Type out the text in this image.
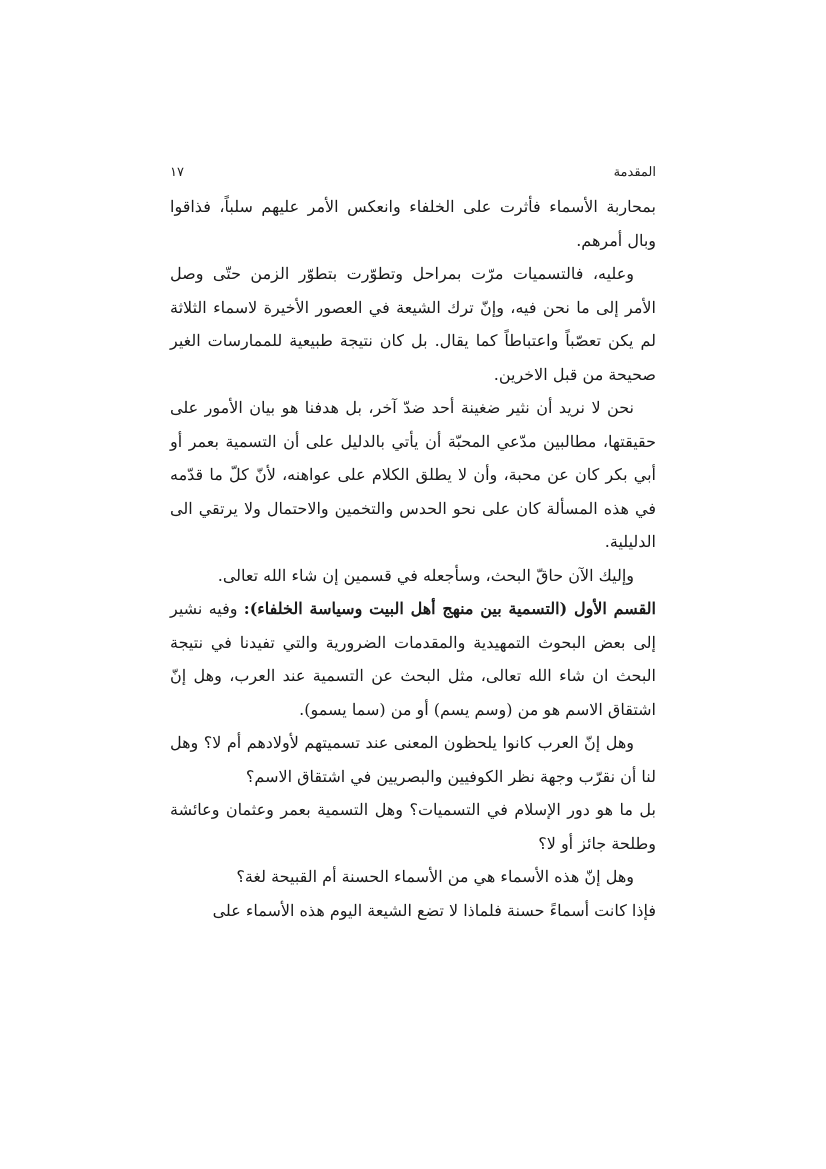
المقدمة
١٧

بمحاربة الأسماء فأثرت على الخلفاء وانعكس الأمر عليهم سلباً، فذاقوا وبال أمرهم.

وعليه، فالتسميات مرّت بمراحل وتطوّرت بتطوّر الزمن حتّى وصل الأمر إلى ما نحن فيه، وإنّ ترك الشيعة في العصور الأخيرة لاسماء الثلاثة لم يكن تعصّباً واعتباطاً كما يقال. بل كان نتيجة طبيعية للممارسات الغير صحيحة من قبل الاخرين.

نحن لا نريد أن نثير ضغينة أحد ضدّ آخر، بل هدفنا هو بيان الأمور على حقيقتها، مطالبين مدّعي المحبّة أن يأتي بالدليل على أن التسمية بعمر أو أبي بكر كان عن محبة، وأن لا يطلق الكلام على عواهنه، لأنّ كلّ ما قدّمه في هذه المسألة كان على نحو الحدس والتخمين والاحتمال ولا يرتقي الى الدليلية.

وإليك الآن حاقّ البحث، وسأجعله في قسمين إن شاء الله تعالى.

القسم الأول (التسمية بين منهج أهل البيت وسياسة الخلفاء): وفيه نشير إلى بعض البحوث التمهيدية والمقدمات الضرورية والتي تفيدنا في نتيجة البحث ان شاء الله تعالى، مثل البحث عن التسمية عند العرب، وهل إنّ اشتقاق الاسم هو من (وسم يسم) أو من (سما يسمو).

وهل إنّ العرب كانوا يلحظون المعنى عند تسميتهم لأولادهم أم لا؟ وهل لنا أن نقرّب وجهة نظر الكوفيين والبصريين في اشتقاق الاسم؟

بل ما هو دور الإسلام في التسميات؟ وهل التسمية بعمر وعثمان وعائشة وطلحة جائز أو لا؟

وهل إنّ هذه الأسماء هي من الأسماء الحسنة أم القبيحة لغة؟

فإذا كانت أسماءً حسنة فلماذا لا تضع الشيعة اليوم هذه الأسماء على
